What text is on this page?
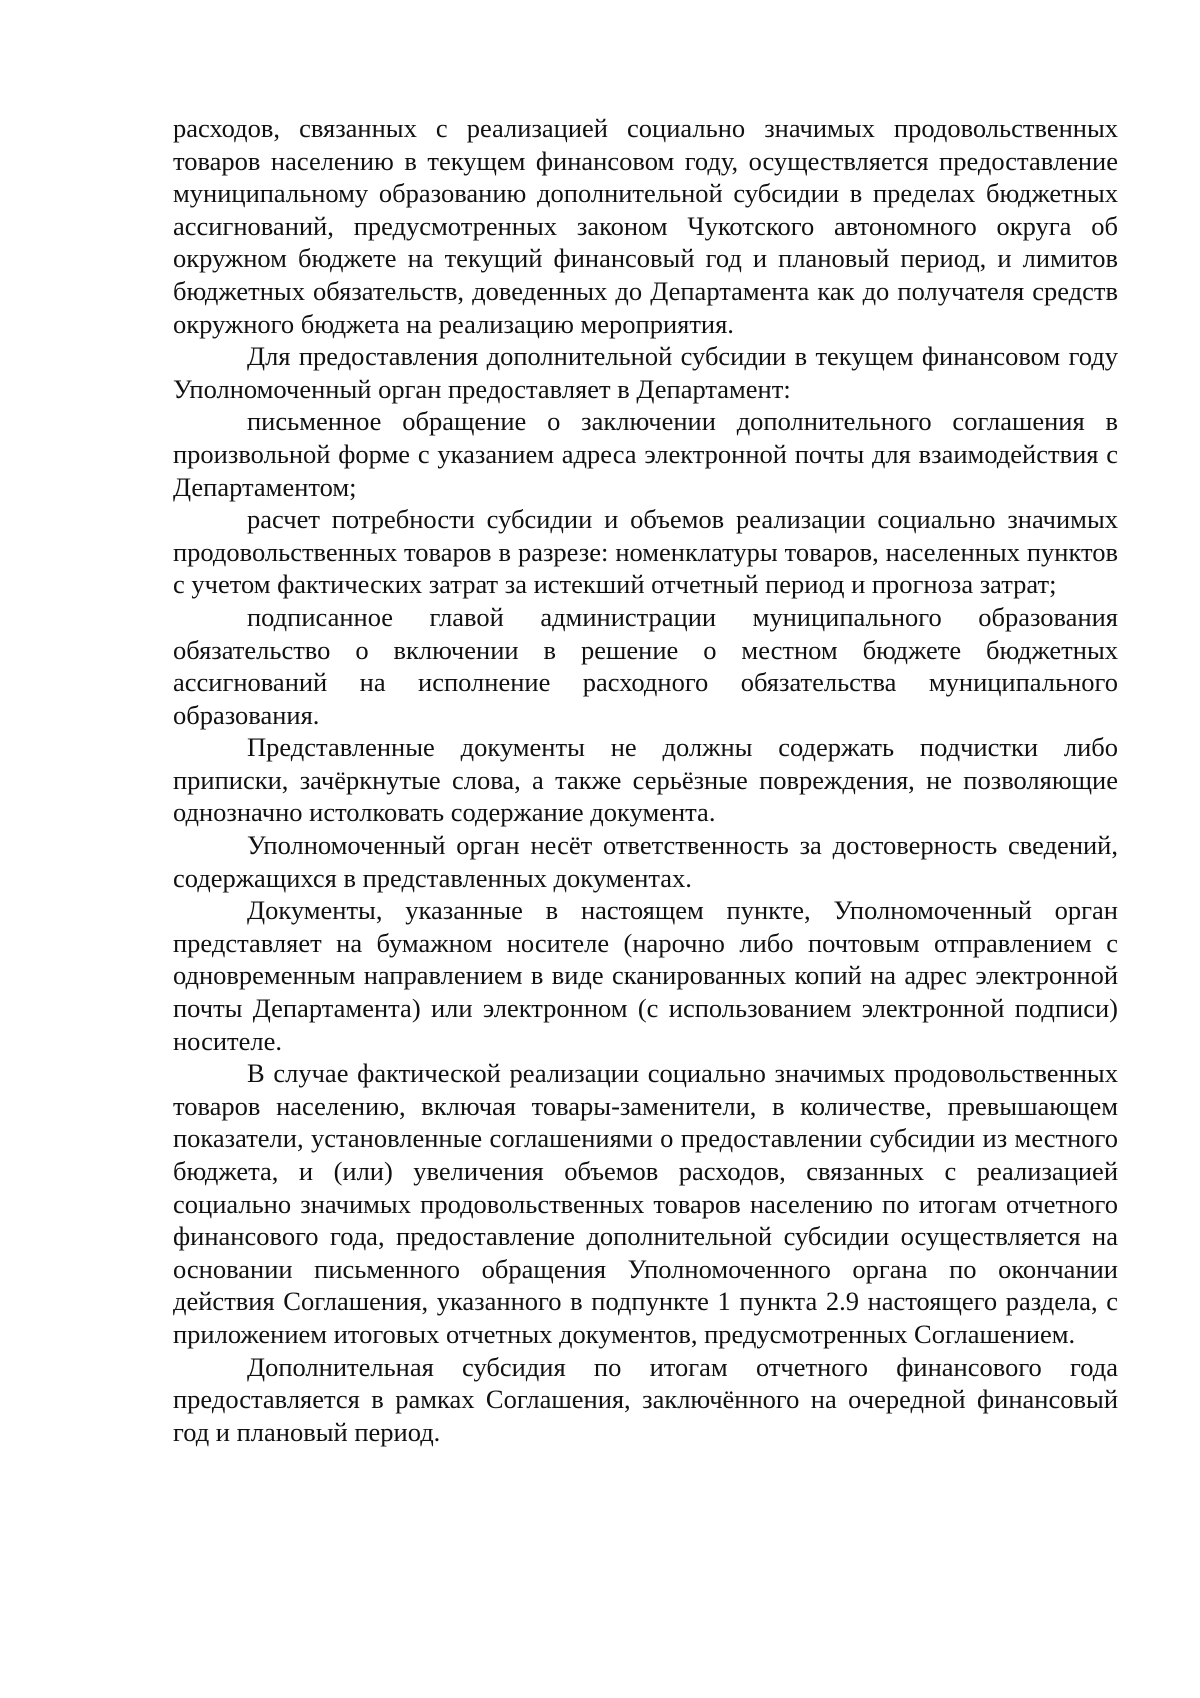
расходов, связанных с реализацией социально значимых продовольственных товаров населению в текущем финансовом году, осуществляется предоставление муниципальному образованию дополнительной субсидии в пределах бюджетных ассигнований, предусмотренных законом Чукотского автономного округа об окружном бюджете на текущий финансовый год и плановый период, и лимитов бюджетных обязательств, доведенных до Департамента как до получателя средств окружного бюджета на реализацию мероприятия.

Для предоставления дополнительной субсидии в текущем финансовом году Уполномоченный орган предоставляет в Департамент:

письменное обращение о заключении дополнительного соглашения в произвольной форме с указанием адреса электронной почты для взаимодействия с Департаментом;

расчет потребности субсидии и объемов реализации социально значимых продовольственных товаров в разрезе: номенклатуры товаров, населенных пунктов с учетом фактических затрат за истекший отчетный период и прогноза затрат;

подписанное главой администрации муниципального образования обязательство о включении в решение о местном бюджете бюджетных ассигнований на исполнение расходного обязательства муниципального образования.

Представленные документы не должны содержать подчистки либо приписки, зачёркнутые слова, а также серьёзные повреждения, не позволяющие однозначно истолковать содержание документа.

Уполномоченный орган несёт ответственность за достоверность сведений, содержащихся в представленных документах.

Документы, указанные в настоящем пункте, Уполномоченный орган представляет на бумажном носителе (нарочно либо почтовым отправлением с одновременным направлением в виде сканированных копий на адрес электронной почты Департамента) или электронном (с использованием электронной подписи) носителе.

В случае фактической реализации социально значимых продовольственных товаров населению, включая товары-заменители, в количестве, превышающем показатели, установленные соглашениями о предоставлении субсидии из местного бюджета, и (или) увеличения объемов расходов, связанных с реализацией социально значимых продовольственных товаров населению по итогам отчетного финансового года, предоставление дополнительной субсидии осуществляется на основании письменного обращения Уполномоченного органа по окончании действия Соглашения, указанного в подпункте 1 пункта 2.9 настоящего раздела, с приложением итоговых отчетных документов, предусмотренных Соглашением.

Дополнительная субсидия по итогам отчетного финансового года предоставляется в рамках Соглашения, заключённого на очередной финансовый год и плановый период.
